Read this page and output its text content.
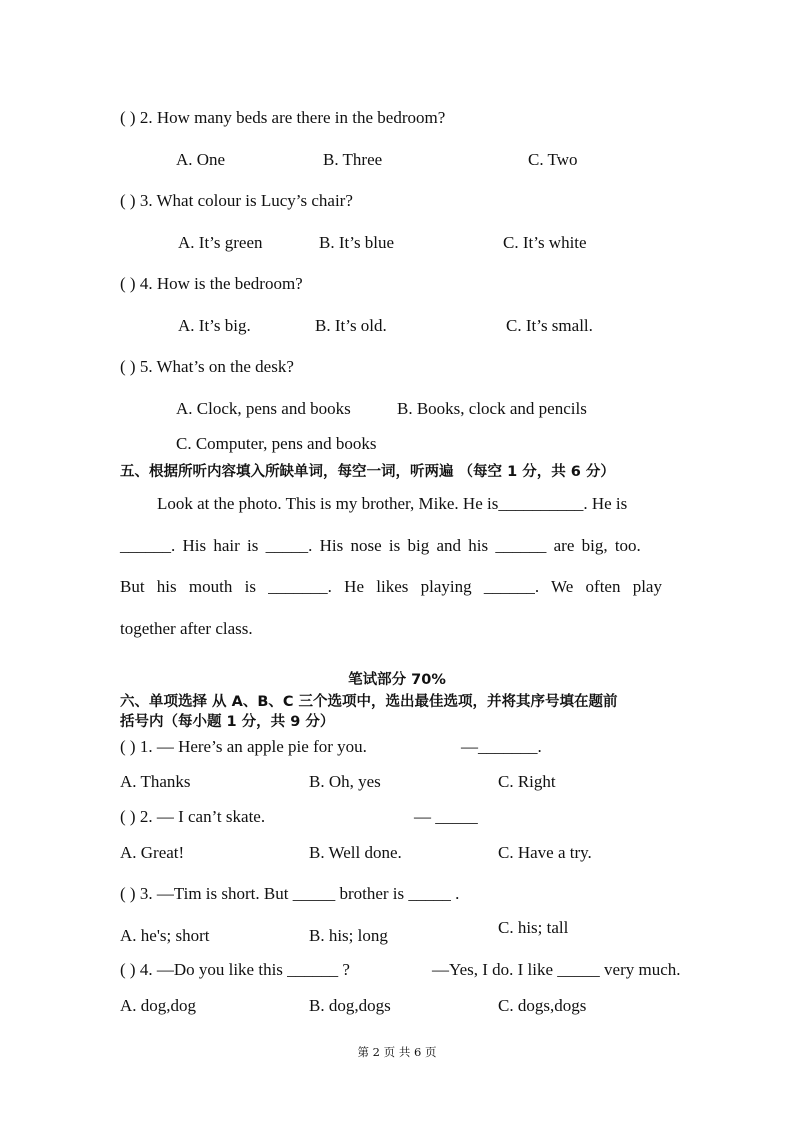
( ) 2. How many beds are there in the bedroom?
A. One	B. Three	C. Two
( ) 3. What colour is Lucy’s chair?
A. It’s green	B. It’s blue	C. It’s white
( ) 4. How is the bedroom?
A. It’s big.	B. It’s old.	C. It’s small.
( ) 5. What’s on the desk?
A. Clock, pens and books	B. Books, clock and pencils
C. Computer, pens and books
五、根据所听内容填入所缺单词，每空一词，听两遍 （每空 1 分，共 6 分）
Look at the photo. This is my brother, Mike. He is__________. He is
______. His hair is _____. His nose is big and his ______ are big, too.
But his mouth is _______. He likes playing ______. We often play
together after class.
笔试部分 70%
六、单项选择 从 A、B、C 三个选项中，选出最佳选项，并将其序号填在题前
括号内（每小题 1 分，共 9 分）
( ) 1. — Here’s an apple pie for you.	—_______.
A. Thanks	B. Oh, yes	C. Right
( ) 2. — I can’t skate.	— _____
A. Great!	B. Well done.	C. Have a try.
( ) 3. —Tim is short. But _____ brother is _____ .
A. he's; short	B. his; long	C. his; tall
( ) 4. —Do you like this ______ ?	—Yes, I do. I like _____ very much.
A. dog,dog	B. dog,dogs	C. dogs,dogs
第 2 页 共 6 页
